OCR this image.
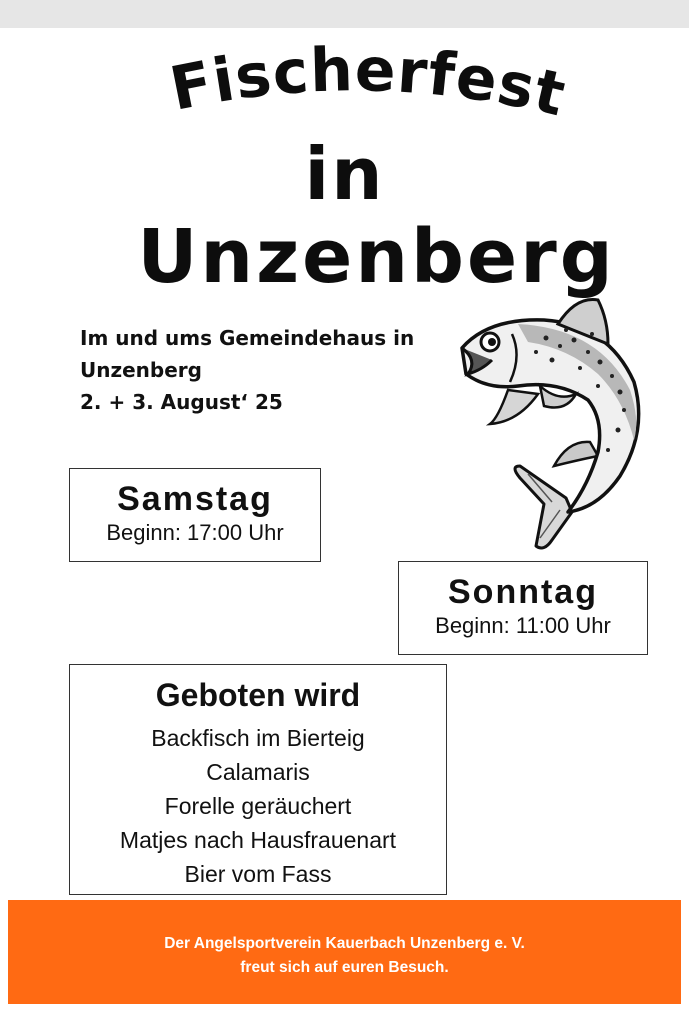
Fischerfest
in
Unzenberg
Im und ums Gemeindehaus in
Unzenberg
2. + 3. August‘ 25
Samstag
Beginn: 17:00 Uhr
Sonntag
Beginn: 11:00 Uhr
Geboten wird
Backfisch im Bierteig
Calamaris
Forelle geräuchert
Matjes nach Hausfrauenart
Bier vom Fass
Der Angelsportverein Kauerbach Unzenberg e. V.
freut sich auf euren Besuch.
